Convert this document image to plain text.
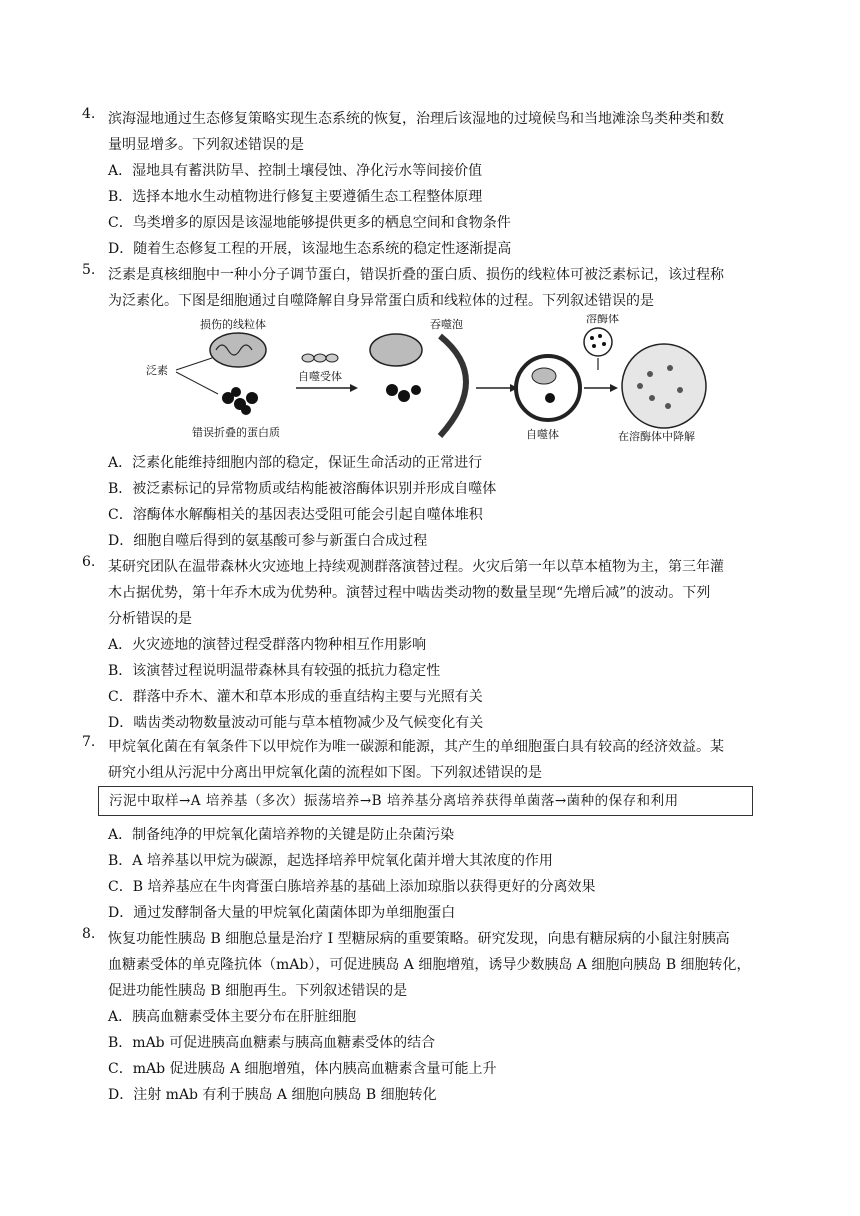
4. 滨海湿地通过生态修复策略实现生态系统的恢复，治理后该湿地的过境候鸟和当地滩涂鸟类种类和数
量明显增多。下列叙述错误的是
A．湿地具有蓄洪防旱、控制土壤侵蚀、净化污水等间接价值
B．选择本地水生动植物进行修复主要遵循生态工程整体原理
C．鸟类增多的原因是该湿地能够提供更多的栖息空间和食物条件
D．随着生态修复工程的开展，该湿地生态系统的稳定性逐渐提高
5. 泛素是真核细胞中一种小分子调节蛋白，错误折叠的蛋白质、损伤的线粒体可被泛素标记，该过程称
为泛素化。下图是细胞通过自噬降解自身异常蛋白质和线粒体的过程。下列叙述错误的是
损伤的线粒体
泛素
错误折叠的蛋白质
自噬受体
吞噬泡
自噬体
溶酶体
在溶酶体中降解
A．泛素化能维持细胞内部的稳定，保证生命活动的正常进行
B．被泛素标记的异常物质或结构能被溶酶体识别并形成自噬体
C．溶酶体水解酶相关的基因表达受阻可能会引起自噬体堆积
D．细胞自噬后得到的氨基酸可参与新蛋白合成过程
6. 某研究团队在温带森林火灾迹地上持续观测群落演替过程。火灾后第一年以草本植物为主，第三年灌
木占据优势，第十年乔木成为优势种。演替过程中啮齿类动物的数量呈现“先增后减”的波动。下列
分析错误的是
A．火灾迹地的演替过程受群落内物种相互作用影响
B．该演替过程说明温带森林具有较强的抵抗力稳定性
C．群落中乔木、灌木和草本形成的垂直结构主要与光照有关
D．啮齿类动物数量波动可能与草本植物减少及气候变化有关
7. 甲烷氧化菌在有氧条件下以甲烷作为唯一碳源和能源，其产生的单细胞蛋白具有较高的经济效益。某
研究小组从污泥中分离出甲烷氧化菌的流程如下图。下列叙述错误的是
污泥中取样→A 培养基（多次）振荡培养→B 培养基分离培养获得单菌落→菌种的保存和利用
A．制备纯净的甲烷氧化菌培养物的关键是防止杂菌污染
B．A 培养基以甲烷为碳源，起选择培养甲烷氧化菌并增大其浓度的作用
C．B 培养基应在牛肉膏蛋白胨培养基的基础上添加琼脂以获得更好的分离效果
D．通过发酵制备大量的甲烷氧化菌菌体即为单细胞蛋白
8. 恢复功能性胰岛 B 细胞总量是治疗 I 型糖尿病的重要策略。研究发现，向患有糖尿病的小鼠注射胰高
血糖素受体的单克隆抗体（mAb），可促进胰岛 A 细胞增殖，诱导少数胰岛 A 细胞向胰岛 B 细胞转化，
促进功能性胰岛 B 细胞再生。下列叙述错误的是
A．胰高血糖素受体主要分布在肝脏细胞
B．mAb 可促进胰高血糖素与胰高血糖素受体的结合
C．mAb 促进胰岛 A 细胞增殖，体内胰高血糖素含量可能上升
D．注射 mAb 有利于胰岛 A 细胞向胰岛 B 细胞转化
